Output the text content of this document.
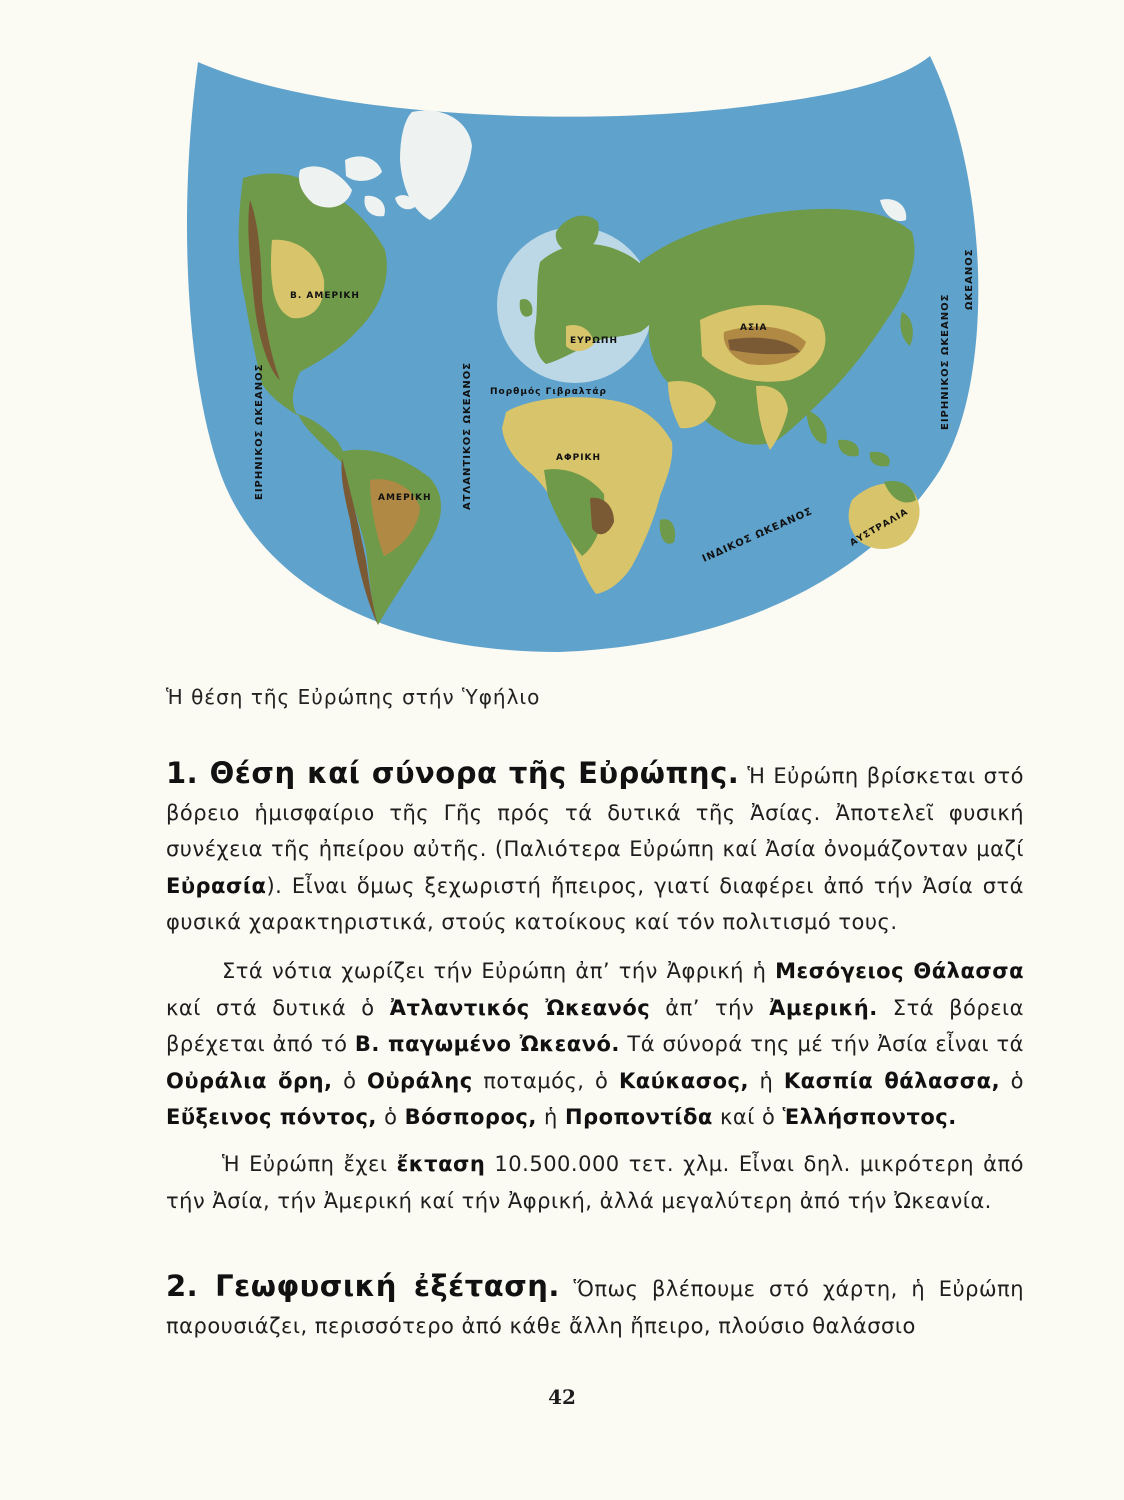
Β. ΑΜΕΡΙΚΗ
ΑΜΕΡΙΚΗ
ΕΥΡΩΠΗ
ΑΣΙΑ
ΑΦΡΙΚΗ
Πορθμός Γιβραλτάρ
ΕΙΡΗΝΙΚΟΣ ΩΚΕΑΝΟΣ	ΑΤΛΑΝΤΙΚΟΣ ΩΚΕΑΝΟΣ
ΕΙΡΗΝΙΚΟΣ ΩΚΕΑΝΟΣ
ΩΚΕΑΝΟΣ
ΙΝΔΙΚΟΣ ΩΚΕΑΝΟΣ	ΑΥΣΤΡΑΛΙΑ

Ἡ θέση τῆς Εὐρώπης στήν Ὑφήλιο

1. Θέση καί σύνορα τῆς Εὐρώπης. Ἡ Εὐρώπη βρίσκεται στό βόρειο ἡμισφαίριο τῆς Γῆς πρός τά δυτικά τῆς Ἀσίας. Ἀποτελεῖ φυσική συνέχεια τῆς ἠπείρου αὐτῆς. (Παλιότερα Εὐρώπη καί Ἀσία ὀνομάζονταν μαζί Εὐρασία). Εἶναι ὅμως ξεχωριστή ἤπειρος, γιατί διαφέρει ἀπό τήν Ἀσία στά φυσικά χαρακτηριστικά, στούς κατοίκους καί τόν πολιτισμό τους.

Στά νότια χωρίζει τήν Εὐρώπη ἀπ’ τήν Ἀφρική ἡ Μεσόγειος Θάλασσα καί στά δυτικά ὁ Ἀτλαντικός Ὠκεανός ἀπ’ τήν Ἀμερική. Στά βόρεια βρέχεται ἀπό τό Β. παγωμένο Ὠκεανό. Τά σύνορά της μέ τήν Ἀσία εἶναι τά Οὐράλια ὄρη, ὁ Οὐράλης ποταμός, ὁ Καύκασος, ἡ Κασπία θάλασσα, ὁ Εὔξεινος πόντος, ὁ Βόσπορος, ἡ Προποντίδα καί ὁ Ἑλλήσποντος.

Ἡ Εὐρώπη ἔχει ἔκταση 10.500.000 τετ. χλμ. Εἶναι δηλ. μικρότερη ἀπό τήν Ἀσία, τήν Ἀμερική καί τήν Ἀφρική, ἀλλά μεγαλύτερη ἀπό τήν Ὠκεανία.

2. Γεωφυσική ἐξέταση. Ὅπως βλέπουμε στό χάρτη, ἡ Εὐρώπη παρουσιάζει, περισσότερο ἀπό κάθε ἄλλη ἤπειρο, πλούσιο θαλάσσιο

42
